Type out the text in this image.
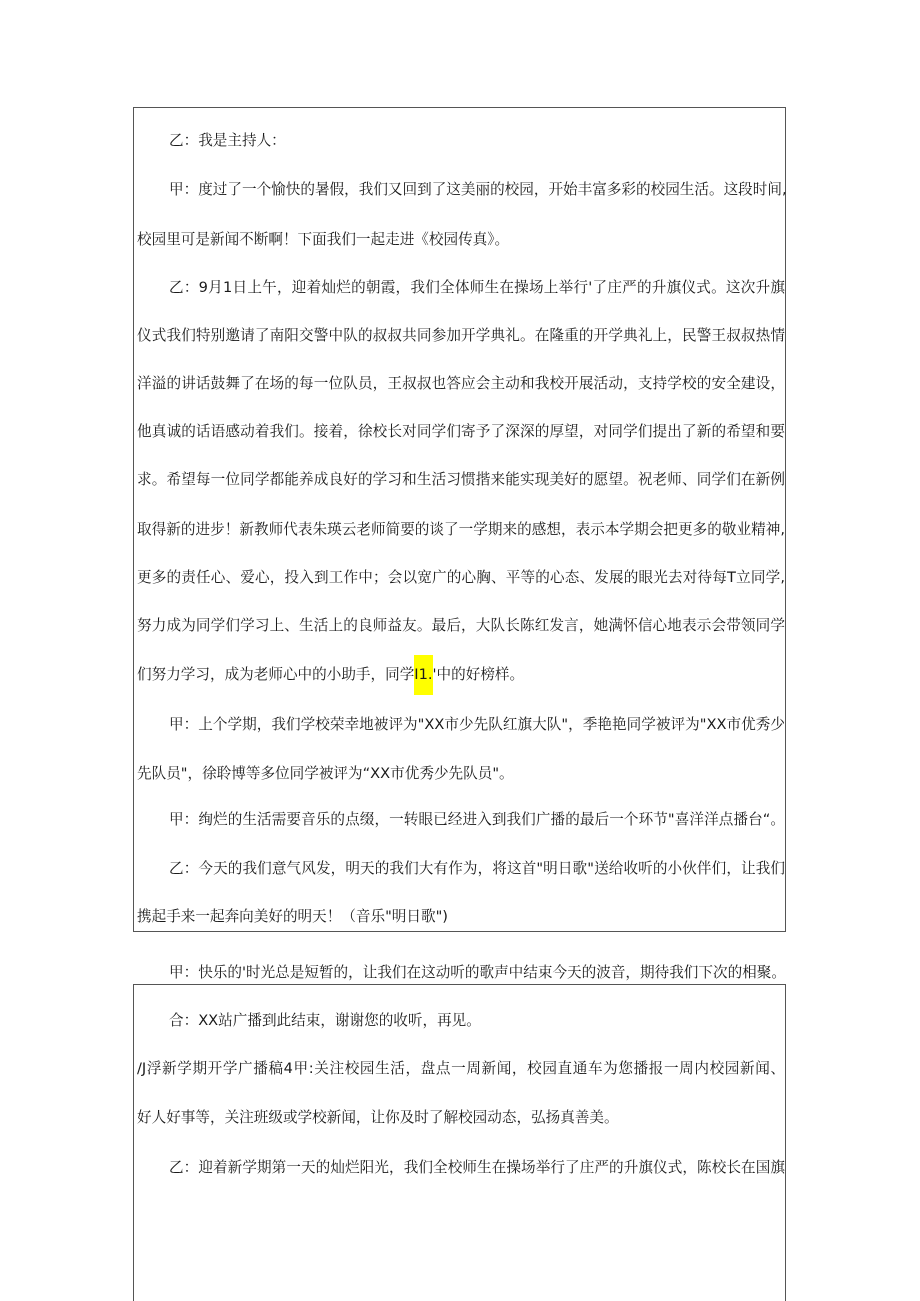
乙：我是主持人：
甲：度过了一个愉快的暑假，我们又回到了这美丽的校园，开始丰富多彩的校园生活。这段时间,
校园里可是新闻不断啊！下面我们一起走进《校园传真》。
乙：9月1日上午，迎着灿烂的朝霞，我们全体师生在操场上举行'了庄严的升旗仪式。这次升旗
仪式我们特别邀请了南阳交警中队的叔叔共同参加开学典礼。在隆重的开学典礼上，民警王叔叔热情
洋溢的讲话鼓舞了在场的每一位队员，王叔叔也答应会主动和我校开展活动，支持学校的安全建设，
他真诚的话语感动着我们。接着，徐校长对同学们寄予了深深的厚望，对同学们提出了新的希望和要
求。希望每一位同学都能养成良好的学习和生活习惯揩来能实现美好的愿望。祝老师、同学们在新例
取得新的进步！新教师代表朱瑛云老师简要的谈了一学期来的感想，表示本学期会把更多的敬业精神,
更多的责任心、爱心，投入到工作中；会以宽广的心胸、平等的心态、发展的眼光去对待每T立同学,
努力成为同学们学习上、生活上的良师益友。最后，大队长陈红发言，她满怀信心地表示会带领同学
们努力学习，成为老师心中的小助手，同学I1.'中的好榜样。
甲：上个学期，我们学校荣幸地被评为"XX市少先队红旗大队"，季艳艳同学被评为"XX市优秀少
先队员"，徐聆博等多位同学被评为“XX市优秀少先队员"。
甲：绚烂的生活需要音乐的点缀，一转眼已经进入到我们广播的最后一个环节"喜洋洋点播台“。
乙：今天的我们意气风发，明天的我们大有作为，将这首"明日歌"送给收听的小伙伴们，让我们
携起手来一起奔向美好的明天！（音乐"明日歌")
甲：快乐的'时光总是短暂的，让我们在这动听的歌声中结束今天的波音，期待我们下次的相聚。
合：XX站广播到此结束，谢谢您的收听，再见。
/J浮新学期开学广播稿4甲:关注校园生活，盘点一周新闻，校园直通车为您播报一周内校园新闻、
好人好事等，关注班级或学校新闻，让你及时了解校园动态，弘扬真善美。
乙：迎着新学期第一天的灿烂阳光，我们全校师生在操场举行了庄严的升旗仪式，陈校长在国旗
